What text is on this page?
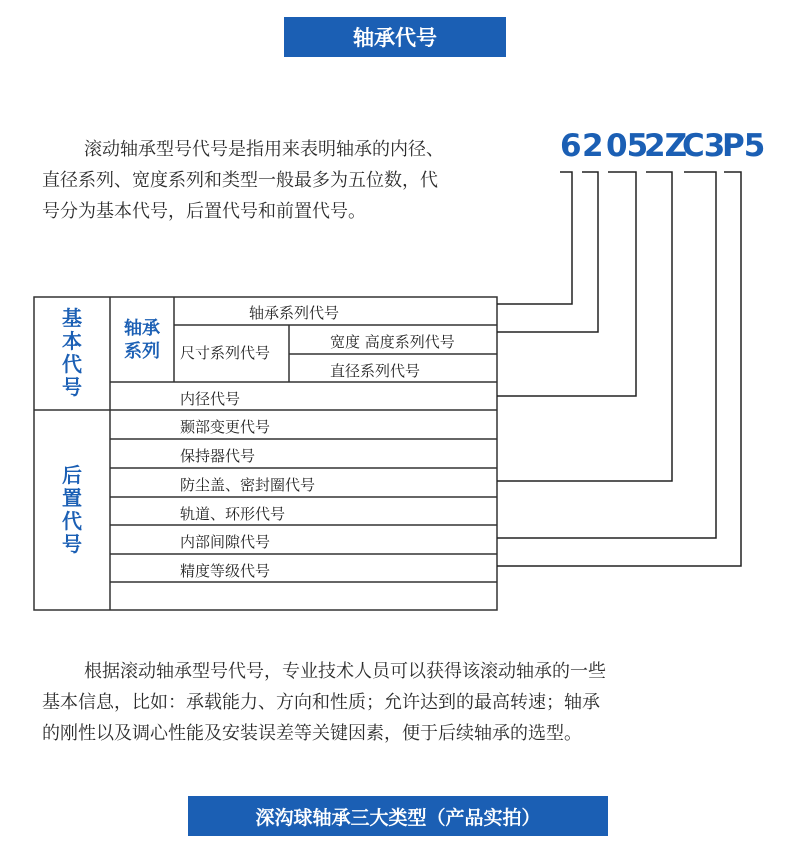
轴承代号

滚动轴承型号代号是指用来表明轴承的内径、
直径系列、宽度系列和类型一般最多为五位数，代
号分为基本代号，后置代号和前置代号。

6 2 05
2Z
C3
P5
基
本
代
号
后
置
代
号
轴承
系列
轴承系列代号
尺寸系列代号
宽度 高度系列代号
直径系列代号
内径代号
颞部变更代号
保持器代号
防尘盖、密封圈代号
轨道、环形代号
内部间隙代号
精度等级代号

根据滚动轴承型号代号，专业技术人员可以获得该滚动轴承的一些
基本信息，比如：承载能力、方向和性质；允许达到的最高转速；轴承
的刚性以及调心性能及安装误差等关键因素，便于后续轴承的选型。

深沟球轴承三大类型（产品实拍）
